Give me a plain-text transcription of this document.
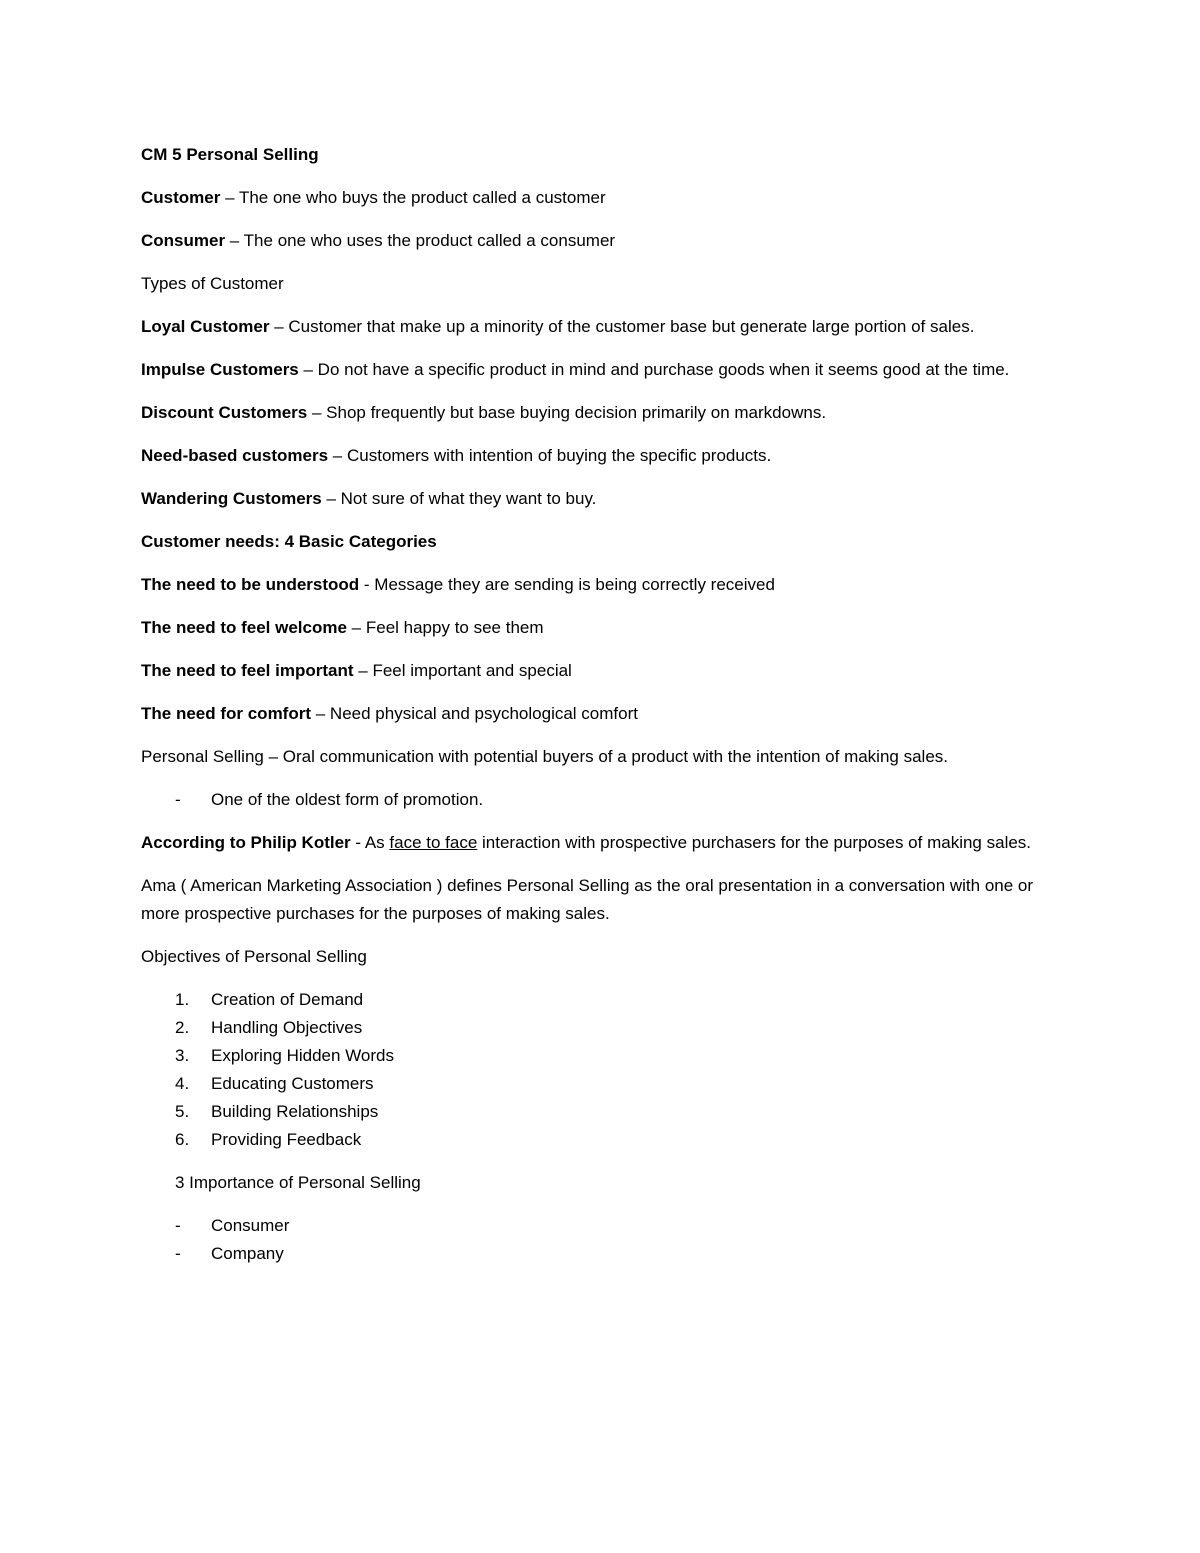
CM 5 Personal Selling

Customer – The one who buys the product called a customer

Consumer – The one who uses the product called a consumer

Types of Customer

Loyal Customer – Customer that make up a minority of the customer base but generate large portion of sales.

Impulse Customers – Do not have a specific product in mind and purchase goods when it seems good at the time.

Discount Customers – Shop frequently but base buying decision primarily on markdowns.

Need-based customers – Customers with intention of buying the specific products.

Wandering Customers – Not sure of what they want to buy.

Customer needs: 4 Basic Categories

The need to be understood - Message they are sending is being correctly received

The need to feel welcome – Feel happy to see them

The need to feel important – Feel important and special

The need for comfort – Need physical and psychological comfort

Personal Selling – Oral communication with potential buyers of a product with the intention of making sales.

-	One of the oldest form of promotion.

According to Philip Kotler - As face to face interaction with prospective purchasers for the purposes of making sales.

Ama ( American Marketing Association ) defines Personal Selling as the oral presentation in a conversation with one or more prospective purchases for the purposes of making sales.

Objectives of Personal Selling

1.	Creation of Demand
2.	Handling Objectives
3.	Exploring Hidden Words
4.	Educating Customers
5.	Building Relationships
6.	Providing Feedback

3 Importance of Personal Selling

-	Consumer
-	Company
